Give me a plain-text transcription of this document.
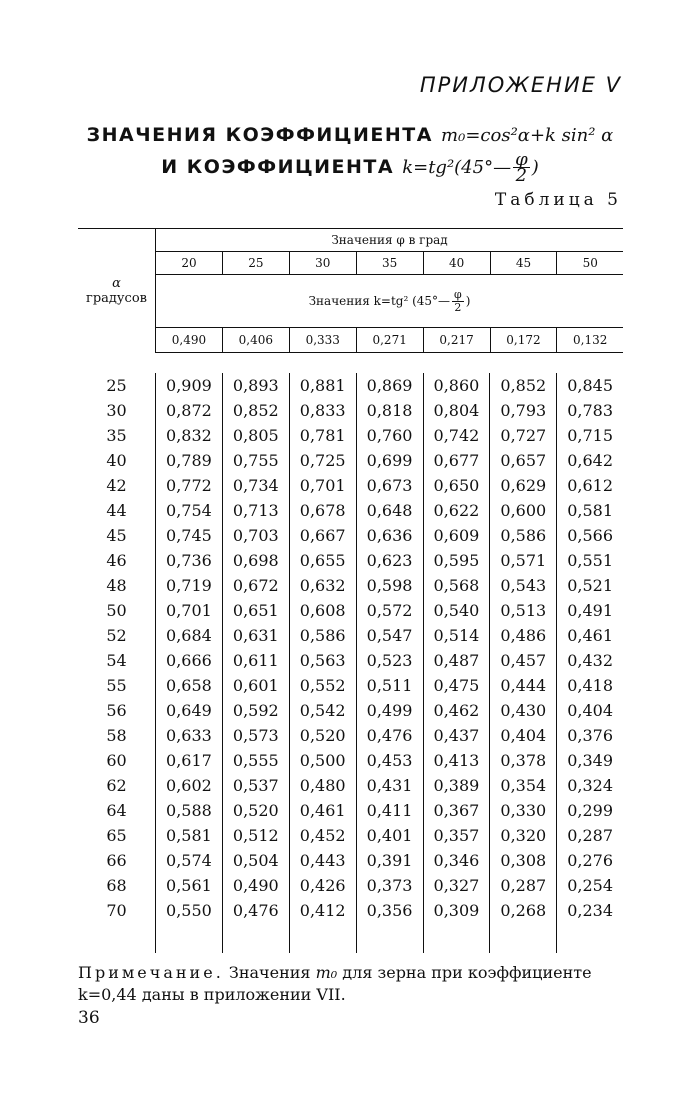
ПРИЛОЖЕНИЕ V
ЗНАЧЕНИЯ КОЭФФИЦИЕНТА m₀=cos²α+k sin² α
И КОЭФФИЦИЕНТА k=tg²(45°— $\frac{\varphi}{2}$ )
Таблица 5
α
градусов	Значения φ в град						
	20	25	30	35	40	45	50
	Значения k=tg² (45°— $\frac{\varphi}{2}$ )						
	0,490	0,406	0,333	0,271	0,217	0,172	0,132
25	0,909	0,893	0,881	0,869	0,860	0,852	0,845
30	0,872	0,852	0,833	0,818	0,804	0,793	0,783
35	0,832	0,805	0,781	0,760	0,742	0,727	0,715
40	0,789	0,755	0,725	0,699	0,677	0,657	0,642
42	0,772	0,734	0,701	0,673	0,650	0,629	0,612
44	0,754	0,713	0,678	0,648	0,622	0,600	0,581
45	0,745	0,703	0,667	0,636	0,609	0,586	0,566
46	0,736	0,698	0,655	0,623	0,595	0,571	0,551
48	0,719	0,672	0,632	0,598	0,568	0,543	0,521
50	0,701	0,651	0,608	0,572	0,540	0,513	0,491
52	0,684	0,631	0,586	0,547	0,514	0,486	0,461
54	0,666	0,611	0,563	0,523	0,487	0,457	0,432
55	0,658	0,601	0,552	0,511	0,475	0,444	0,418
56	0,649	0,592	0,542	0,499	0,462	0,430	0,404
58	0,633	0,573	0,520	0,476	0,437	0,404	0,376
60	0,617	0,555	0,500	0,453	0,413	0,378	0,349
62	0,602	0,537	0,480	0,431	0,389	0,354	0,324
64	0,588	0,520	0,461	0,411	0,367	0,330	0,299
65	0,581	0,512	0,452	0,401	0,357	0,320	0,287
66	0,574	0,504	0,443	0,391	0,346	0,308	0,276
68	0,561	0,490	0,426	0,373	0,327	0,287	0,254
70	0,550	0,476	0,412	0,356	0,309	0,268	0,234

Примечание. Значения m₀ для зерна при коэффициенте
k=0,44 даны в приложении VII.
36
